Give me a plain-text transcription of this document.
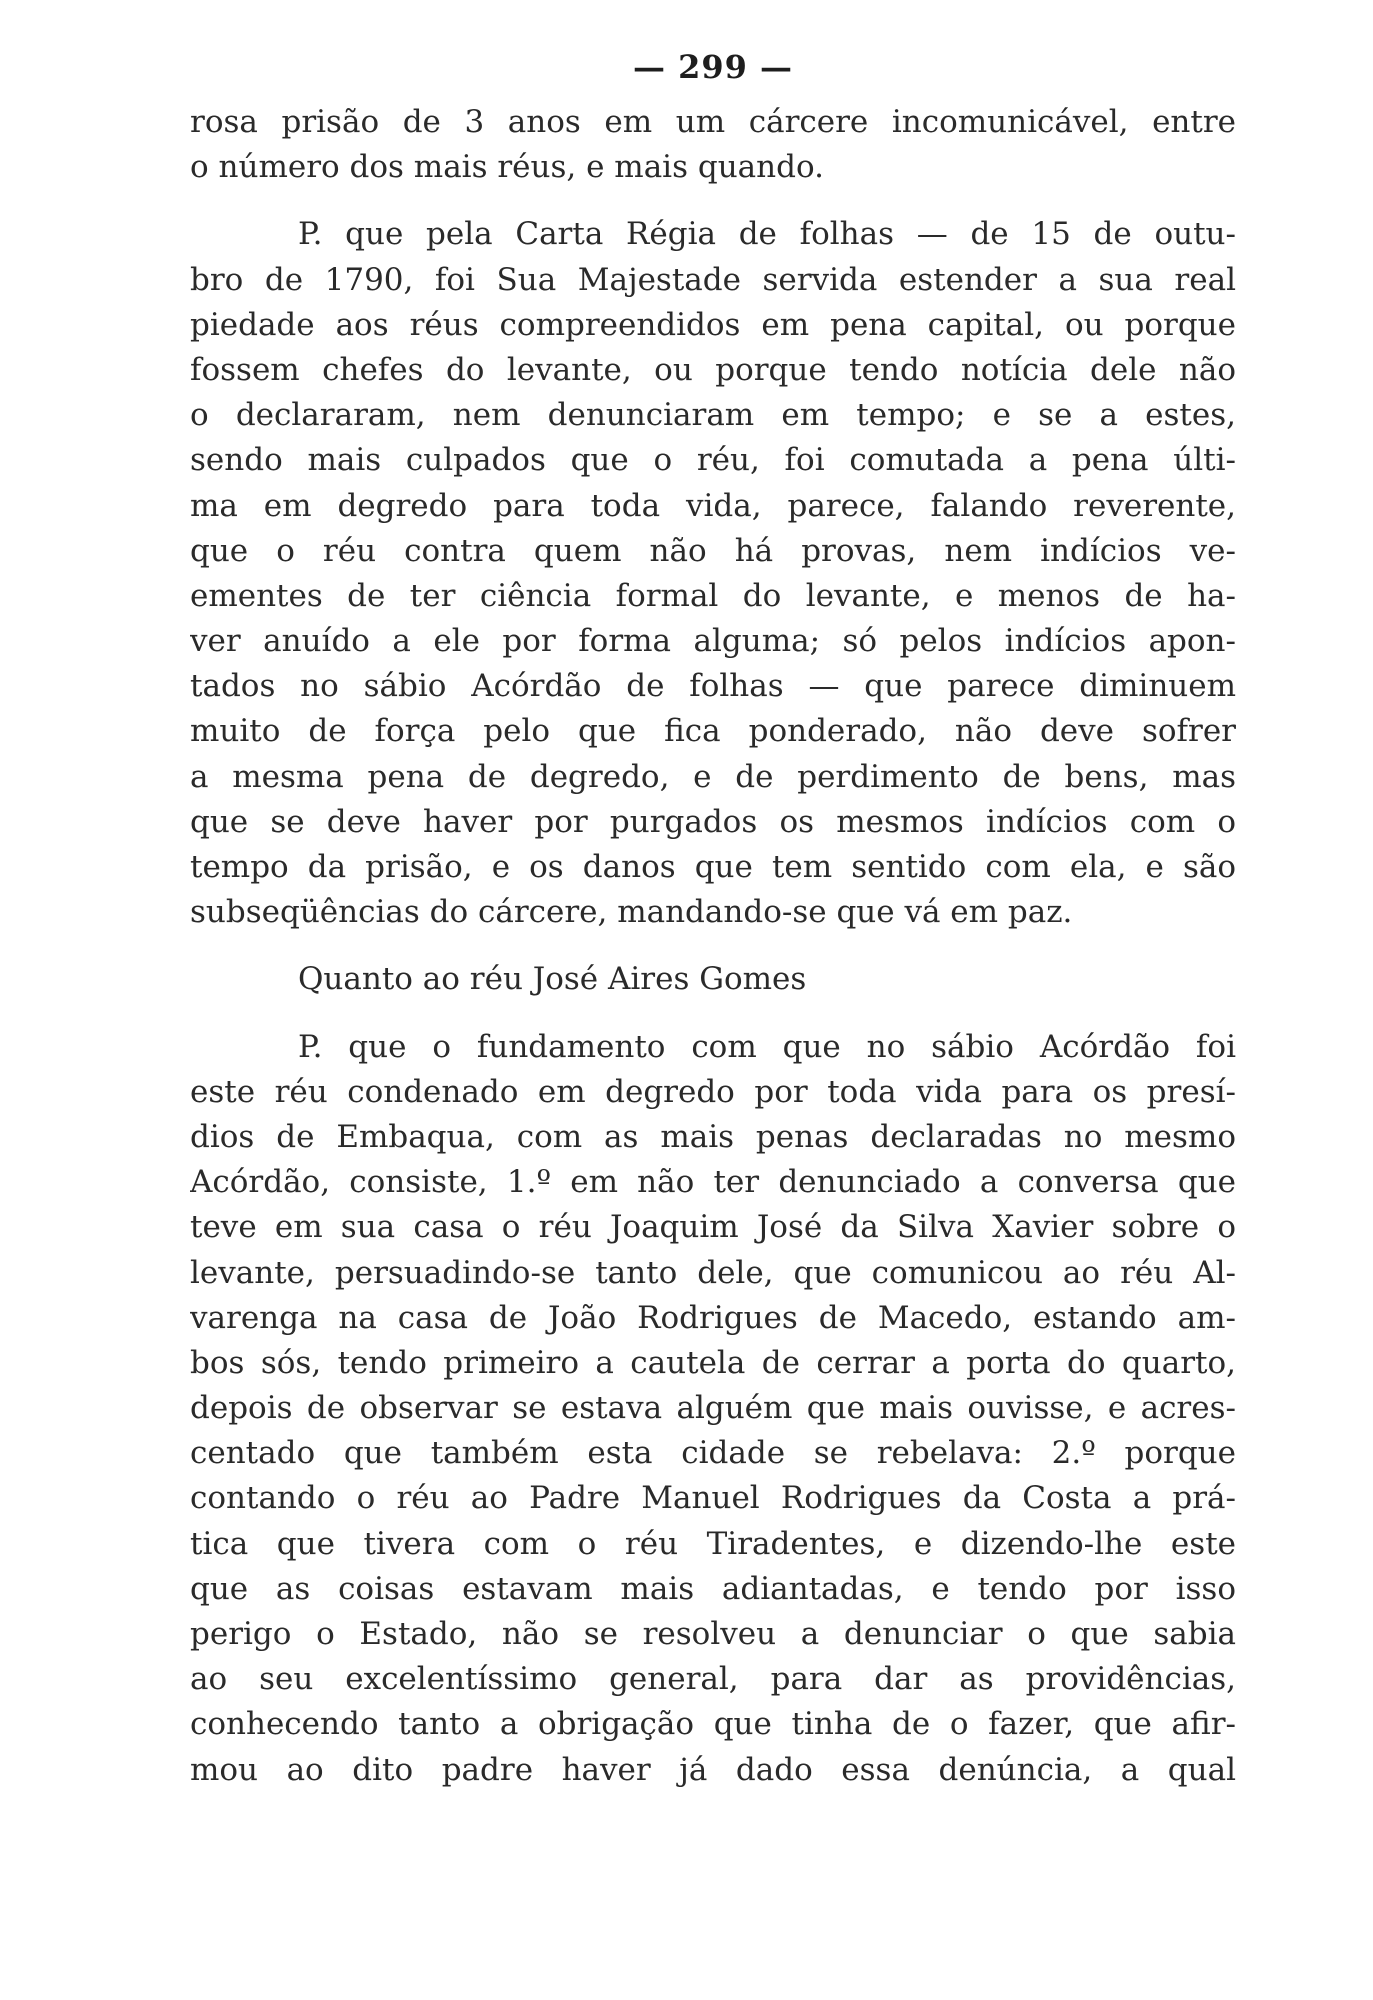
— 299 —
rosa prisão de 3 anos em um cárcere incomunicável, entre
o número dos mais réus, e mais quando.
P. que pela Carta Régia de folhas — de 15 de outu-
bro de 1790, foi Sua Majestade servida estender a sua real
piedade aos réus compreendidos em pena capital, ou porque
fossem chefes do levante, ou porque tendo notícia dele não
o declararam, nem denunciaram em tempo; e se a estes,
sendo mais culpados que o réu, foi comutada a pena últi-
ma em degredo para toda vida, parece, falando reverente,
que o réu contra quem não há provas, nem indícios ve-
ementes de ter ciência formal do levante, e menos de ha-
ver anuído a ele por forma alguma; só pelos indícios apon-
tados no sábio Acórdão de folhas — que parece diminuem
muito de força pelo que fica ponderado, não deve sofrer
a mesma pena de degredo, e de perdimento de bens, mas
que se deve haver por purgados os mesmos indícios com o
tempo da prisão, e os danos que tem sentido com ela, e são
subseqüências do cárcere, mandando-se que vá em paz.
Quanto ao réu José Aires Gomes
P. que o fundamento com que no sábio Acórdão foi
este réu condenado em degredo por toda vida para os presí-
dios de Embaqua, com as mais penas declaradas no mesmo
Acórdão, consiste, 1.º em não ter denunciado a conversa que
teve em sua casa o réu Joaquim José da Silva Xavier sobre o
levante, persuadindo-se tanto dele, que comunicou ao réu Al-
varenga na casa de João Rodrigues de Macedo, estando am-
bos sós, tendo primeiro a cautela de cerrar a porta do quarto,
depois de observar se estava alguém que mais ouvisse, e acres-
centado que também esta cidade se rebelava: 2.º porque
contando o réu ao Padre Manuel Rodrigues da Costa a prá-
tica que tivera com o réu Tiradentes, e dizendo-lhe este
que as coisas estavam mais adiantadas, e tendo por isso
perigo o Estado, não se resolveu a denunciar o que sabia
ao seu excelentíssimo general, para dar as providências,
conhecendo tanto a obrigação que tinha de o fazer, que afir-
mou ao dito padre haver já dado essa denúncia, a qual
